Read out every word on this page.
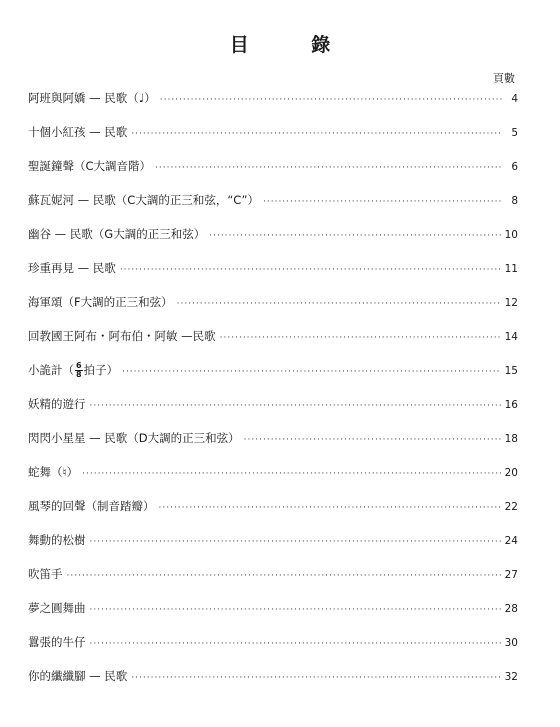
目 錄
頁數
阿班與阿嬌 — 民歌（♩） ·····	4
十個小紅孩 — 民歌 ·····	5
聖誕鐘聲（C大調音階） ·····	6
蘇瓦妮河 — 民歌（C大調的正三和弦，“C”） ·····	8
幽谷 — 民歌（G大調的正三和弦） ·····	10
珍重再見 — 民歌 ·····	11
海軍頌（F大調的正三和弦） ·····	12
回教國王阿布・阿布伯・阿敏 —民歌 ·····	14
小詭計（ $\frac{6}{8}$ 拍子） ·····	15
妖精的遊行 ·····	16
閃閃小星星 — 民歌（D大調的正三和弦） ·····	18
蛇舞（♮） ·····	20
風琴的回聲（制音踏瓣） ·····	22
舞動的松樹 ·····	24
吹笛手 ·····	27
夢之圓舞曲 ·····	28
囂張的牛仔 ·····	30
你的纖纖腳 — 民歌 ·····	32
